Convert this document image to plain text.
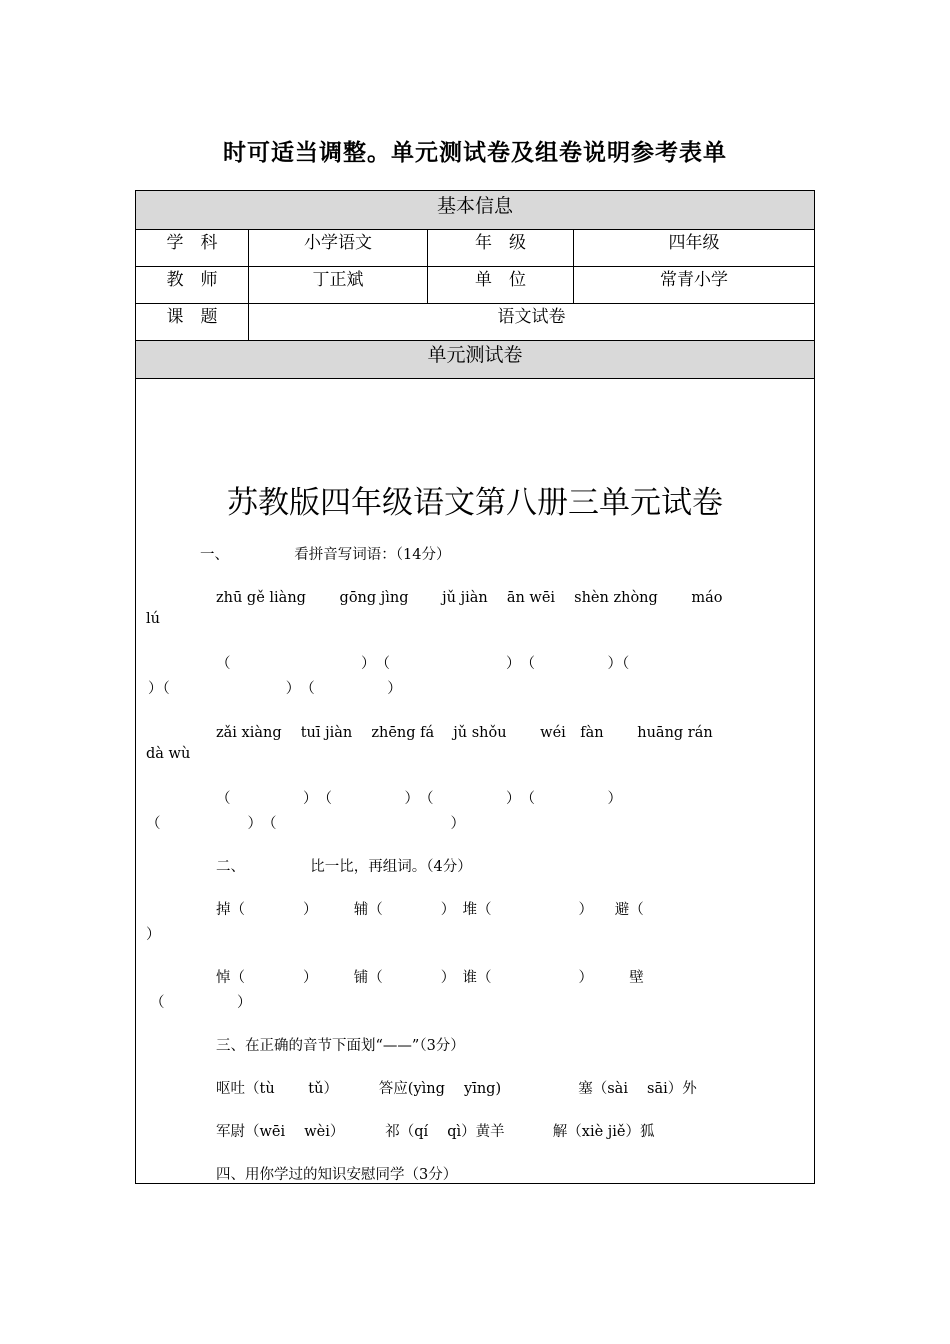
时可适当调整。单元测试卷及组卷说明参考表单
基本信息
学　科	小学语文	年　级	四年级
教　师	丁正斌	单　位	常青小学
课　题	语文试卷
单元测试卷
苏教版四年级语文第八册三单元试卷
一、　　　　　看拼音写词语：（14分）
zhū gě liàng　　 gōng jìng　　 jǔ jiàn　 ān wēi　 shèn zhòng　　 máo
lú
（　　　　　　　　　）　（　　　　　　　　）　（　　　　　）（
）（　　　　　　　　）　（　　　　　）
zǎi xiàng　 tuī jiàn　 zhēng fá　 jǔ shǒu　　 wéi　fàn　　 huāng rán
dà wù
（　　　　　）　（　　　　　）　（　　　　　）　（　　　　　）
（　　　　　　）　（　　　　　　　　　　　　）
二、　　　　　比一比，再组词。（4分）
掉（　　　　）　　　辅（　　　　）　堆（　　　　　　）　　避（
）
悼（　　　　）　　　铺（　　　　）　谁（　　　　　　）　　　壁
（　　　　　）
三、在正确的音节下面划“——”（3分）
呕吐（tù　　 tǔ）　　　 答应(yìng　 yīng)　　　　　 塞（sài　 sāi）外
军尉（wēi　 wèi）　　　 祁（qí　 qì）黄羊　　　 解（xiè jiě）狐
四、用你学过的知识安慰同学（3分）
